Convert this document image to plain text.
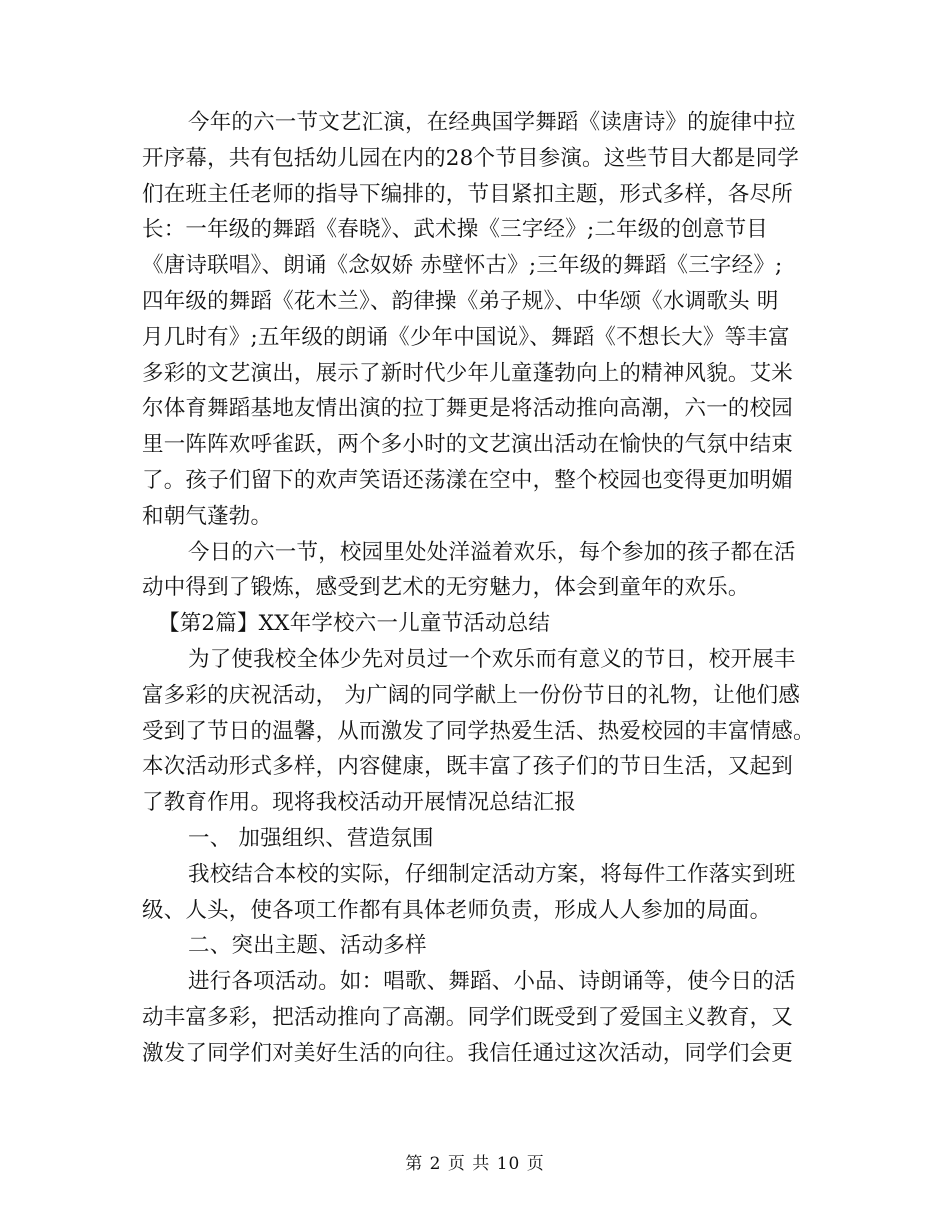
今年的六一节文艺汇演，在经典国学舞蹈《读唐诗》的旋律中拉
开序幕，共有包括幼儿园在内的28个节目参演。这些节目大都是同学
们在班主任老师的指导下编排的，节目紧扣主题，形式多样，各尽所
长：一年级的舞蹈《春晓》、武术操《三字经》;二年级的创意节目
《唐诗联唱》、朗诵《念奴娇 赤壁怀古》;三年级的舞蹈《三字经》;
四年级的舞蹈《花木兰》、韵律操《弟子规》、中华颂《水调歌头 明
月几时有》;五年级的朗诵《少年中国说》、舞蹈《不想长大》等丰富
多彩的文艺演出，展示了新时代少年儿童蓬勃向上的精神风貌。艾米
尔体育舞蹈基地友情出演的拉丁舞更是将活动推向高潮，六一的校园
里一阵阵欢呼雀跃，两个多小时的文艺演出活动在愉快的气氛中结束
了。孩子们留下的欢声笑语还荡漾在空中，整个校园也变得更加明媚
和朝气蓬勃。
今日的六一节，校园里处处洋溢着欢乐，每个参加的孩子都在活
动中得到了锻炼，感受到艺术的无穷魅力，体会到童年的欢乐。
【第2篇】XX年学校六一儿童节活动总结
为了使我校全体少先对员过一个欢乐而有意义的节日，校开展丰
富多彩的庆祝活动， 为广阔的同学献上一份份节日的礼物，让他们感
受到了节日的温馨，从而激发了同学热爱生活、热爱校园的丰富情感。
本次活动形式多样，内容健康，既丰富了孩子们的节日生活，又起到
了教育作用。现将我校活动开展情况总结汇报
一、 加强组织、营造氛围
我校结合本校的实际，仔细制定活动方案，将每件工作落实到班
级、人头，使各项工作都有具体老师负责，形成人人参加的局面。
二、突出主题、活动多样
进行各项活动。如：唱歌、舞蹈、小品、诗朗诵等，使今日的活
动丰富多彩，把活动推向了高潮。同学们既受到了爱国主义教育，又
激发了同学们对美好生活的向往。我信任通过这次活动，同学们会更
第 2 页 共 10 页
